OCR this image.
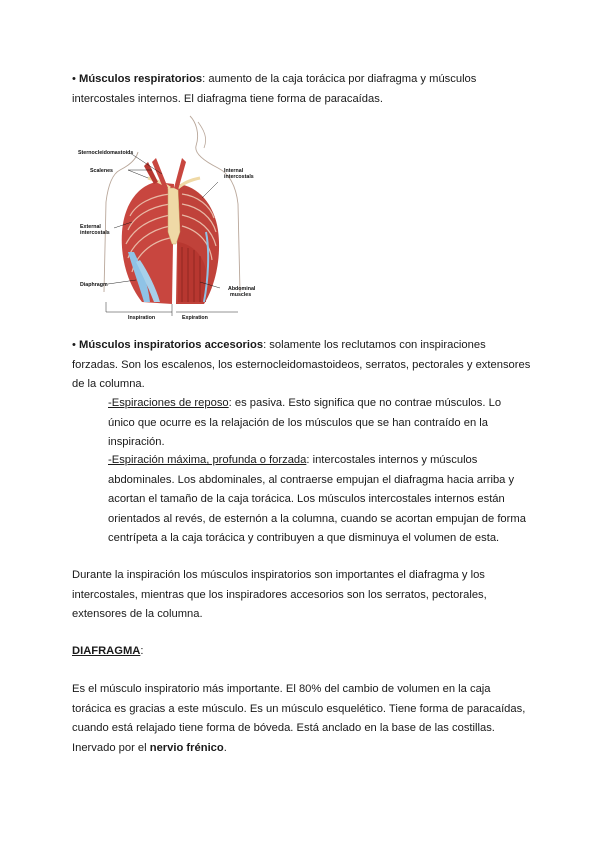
• Músculos respiratorios: aumento de la caja torácica por diafragma y músculos intercostales internos. El diafragma tiene forma de paracaídas.
Sternocleidomastoids
Scalenes	Internal
intercostals
External
intercostals
Diaphragm
Abdominal
muscles
Inspiration	Expiration
• Músculos inspiratorios accesorios: solamente los reclutamos con inspiraciones forzadas. Son los escalenos, los esternocleidomastoideos, serratos, pectorales y extensores de la columna.
-Espiraciones de reposo: es pasiva. Esto significa que no contrae músculos. Lo único que ocurre es la relajación de los músculos que se han contraído en la inspiración.
-Espiración máxima, profunda o forzada: intercostales internos y músculos abdominales. Los abdominales, al contraerse empujan el diafragma hacia arriba y acortan el tamaño de la caja torácica. Los músculos intercostales internos están orientados al revés, de esternón a la columna, cuando se acortan empujan de forma centrípeta a la caja torácica y contribuyen a que disminuya el volumen de esta.
Durante la inspiración los músculos inspiratorios son importantes el diafragma y los intercostales, mientras que los inspiradores accesorios son los serratos, pectorales, extensores de la columna.
DIAFRAGMA:
Es el músculo inspiratorio más importante. El 80% del cambio de volumen en la caja torácica es gracias a este músculo. Es un músculo esquelético. Tiene forma de paracaídas, cuando está relajado tiene forma de bóveda. Está anclado en la base de las costillas. Inervado por el nervio frénico.
